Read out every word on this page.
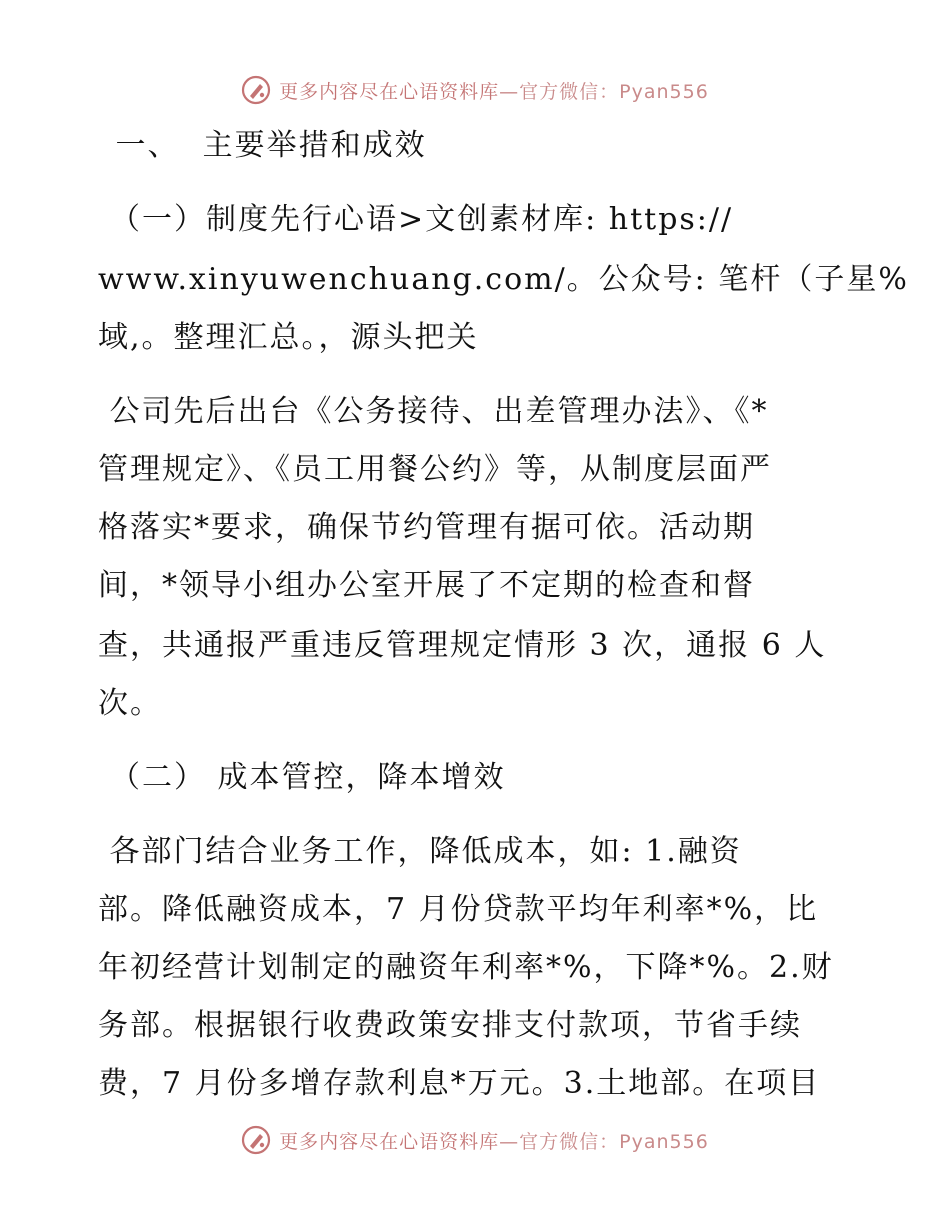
更多内容尽在心语资料库—官方微信：Pyan556
一、  主要举措和成效
（一）制度先行心语>文创素材库: https://
www.xinyuwenchuang.com/。公众号: 笔杆（子星%
域,。整理汇总。，源头把关
公司先后出台《公务接待、出差管理办法》、《*
管理规定》、《员工用餐公约》等，从制度层面严
格落实*要求，确保节约管理有据可依。活动期
间，*领导小组办公室开展了不定期的检查和督
查，共通报严重违反管理规定情形 3 次，通报 6 人
次。
（二） 成本管控，降本增效
各部门结合业务工作，降低成本，如: 1.融资
部。降低融资成本，7 月份贷款平均年利率*%，比
年初经营计划制定的融资年利率*%，下降*%。2.财
务部。根据银行收费政策安排支付款项，节省手续
费，7 月份多增存款利息*万元。3.土地部。在项目
更多内容尽在心语资料库—官方微信：Pyan556
